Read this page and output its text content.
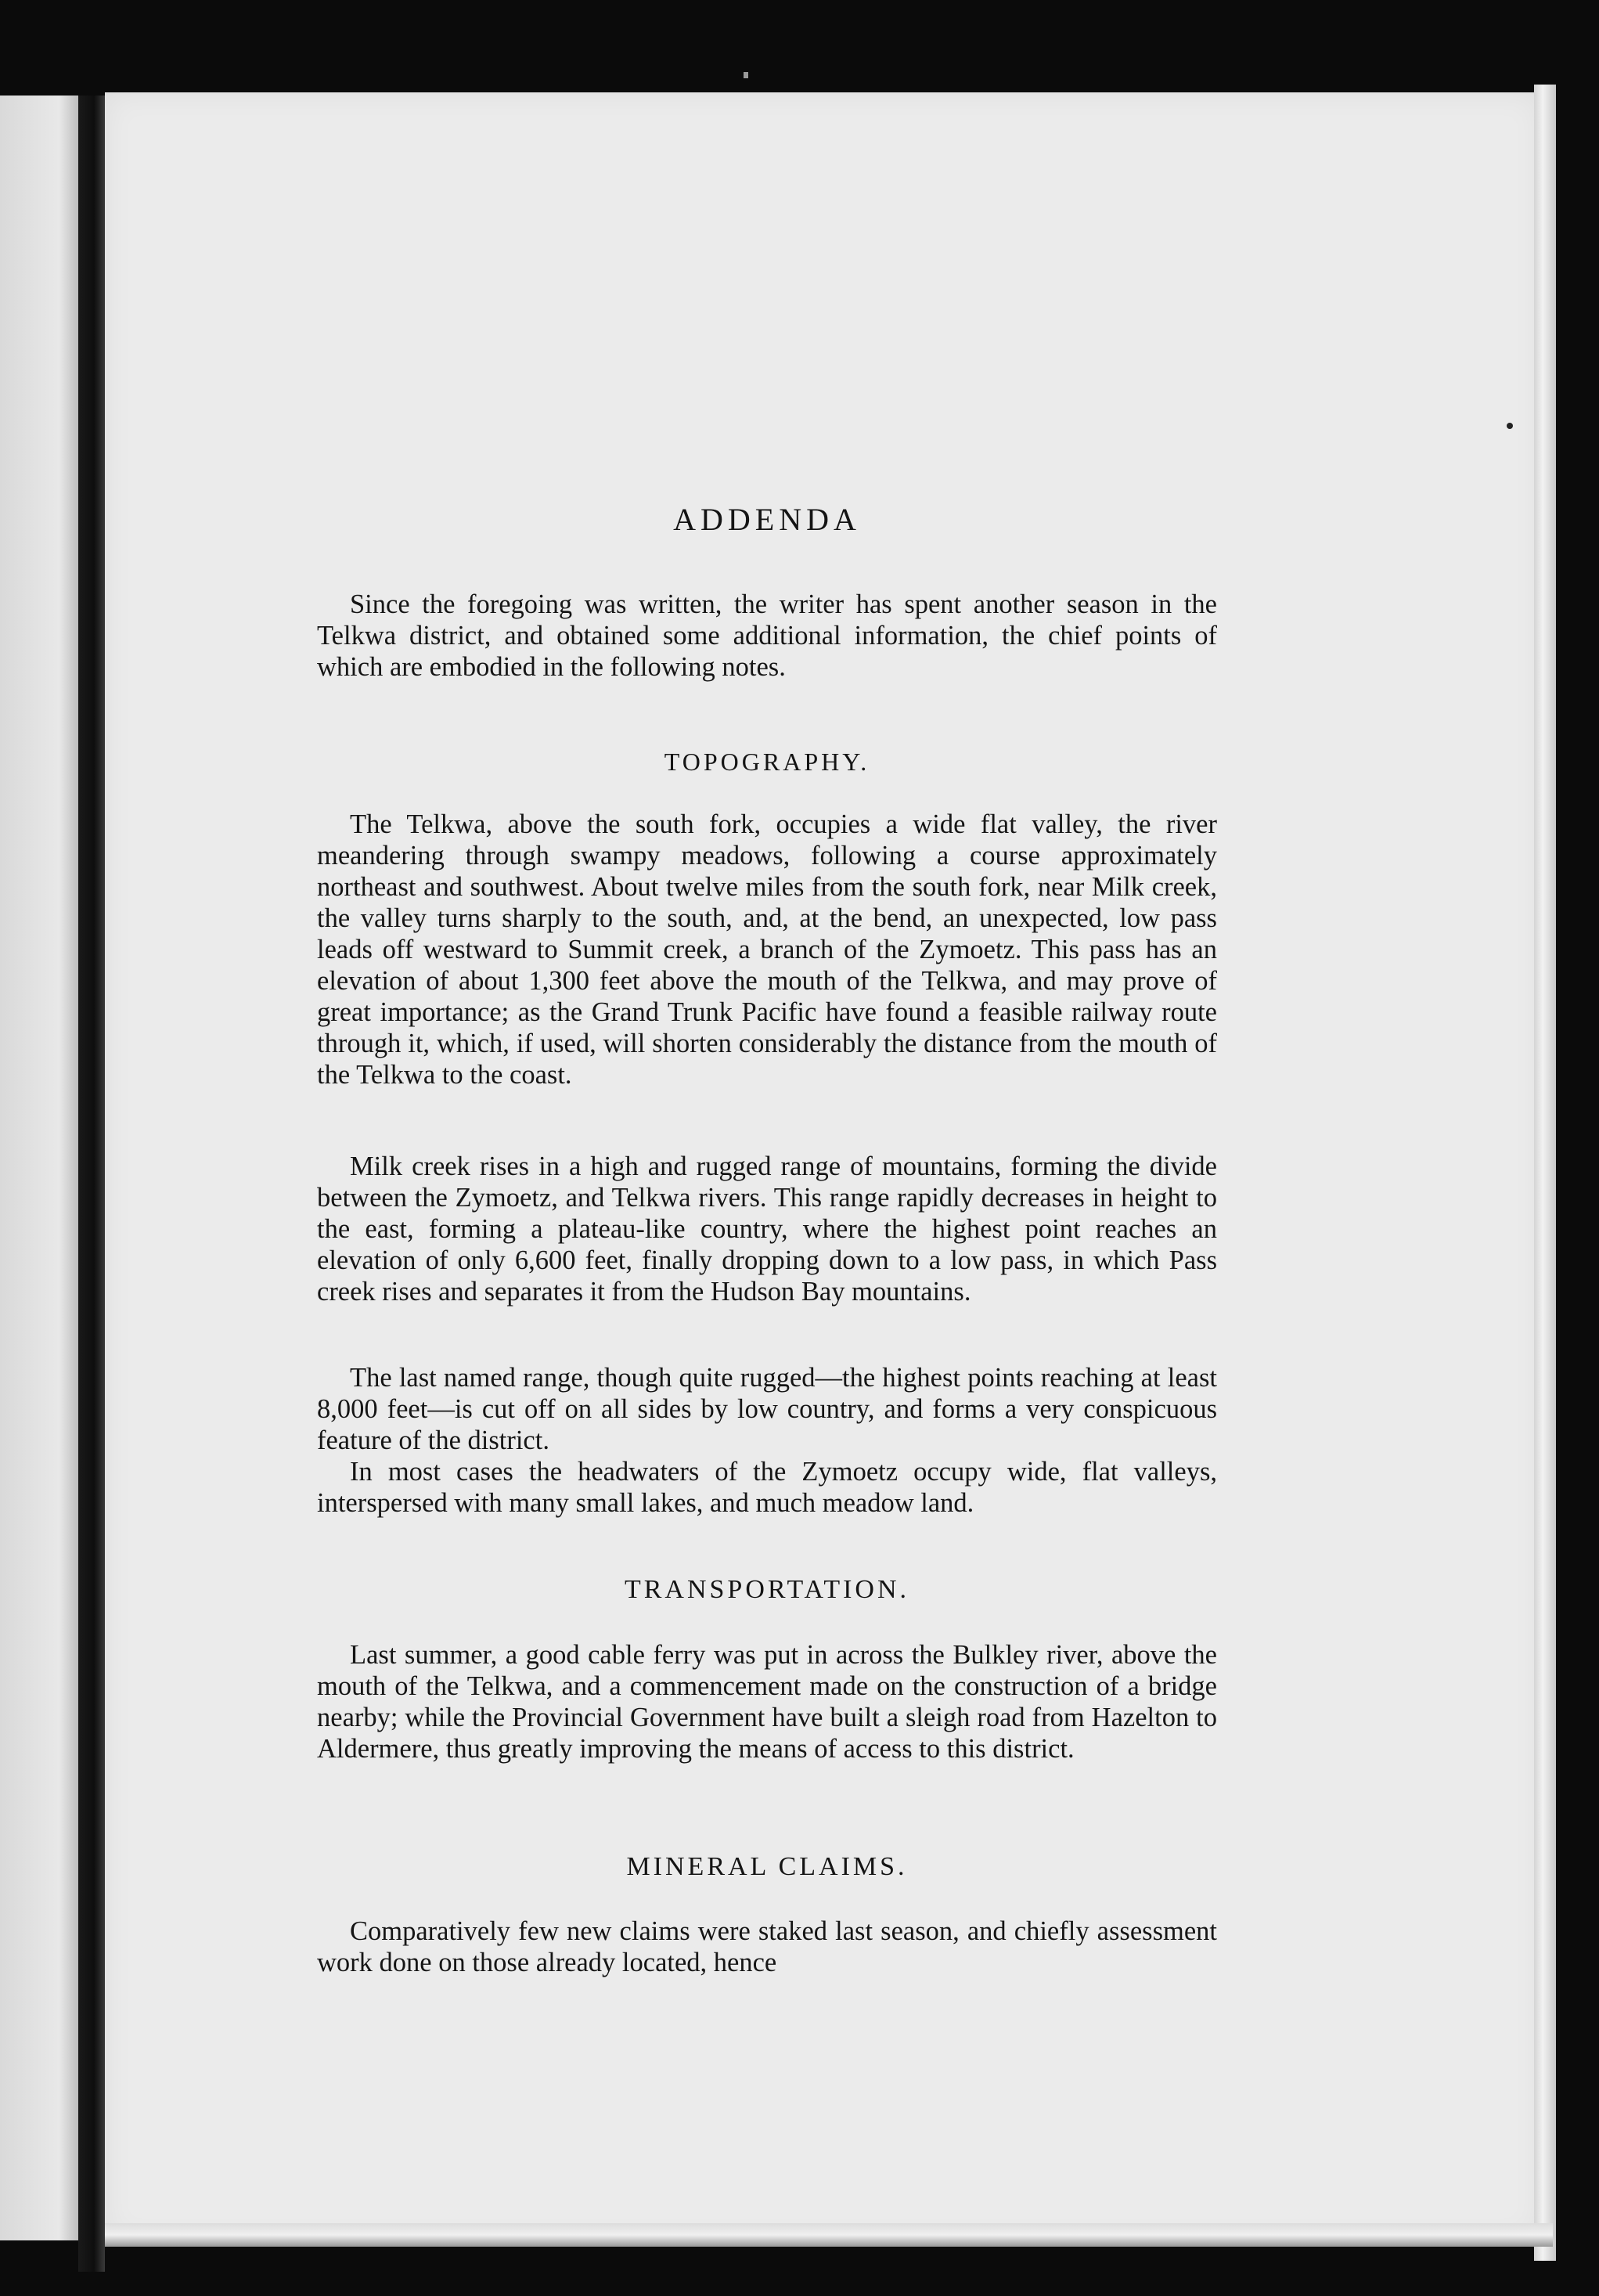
ADDENDA

Since the foregoing was written, the writer has spent another season in the Telkwa district, and obtained some additional information, the chief points of which are embodied in the following notes.

TOPOGRAPHY.

The Telkwa, above the south fork, occupies a wide flat valley, the river meandering through swampy meadows, following a course approximately northeast and southwest. About twelve miles from the south fork, near Milk creek, the valley turns sharply to the south, and, at the bend, an unexpected, low pass leads off westward to Summit creek, a branch of the Zymoetz. This pass has an elevation of about 1,300 feet above the mouth of the Telkwa, and may prove of great importance; as the Grand Trunk Pacific have found a feasible railway route through it, which, if used, will shorten considerably the distance from the mouth of the Telkwa to the coast.

Milk creek rises in a high and rugged range of mountains, forming the divide between the Zymoetz, and Telkwa rivers. This range rapidly decreases in height to the east, forming a plateau-like country, where the highest point reaches an elevation of only 6,600 feet, finally dropping down to a low pass, in which Pass creek rises and separates it from the Hudson Bay mountains.

The last named range, though quite rugged—the highest points reaching at least 8,000 feet—is cut off on all sides by low country, and forms a very conspicuous feature of the district.

In most cases the headwaters of the Zymoetz occupy wide, flat valleys, interspersed with many small lakes, and much meadow land.

TRANSPORTATION.

Last summer, a good cable ferry was put in across the Bulkley river, above the mouth of the Telkwa, and a commencement made on the construction of a bridge nearby; while the Provincial Government have built a sleigh road from Hazelton to Aldermere, thus greatly improving the means of access to this district.

MINERAL CLAIMS.

Comparatively few new claims were staked last season, and chiefly assessment work done on those already located, hence
